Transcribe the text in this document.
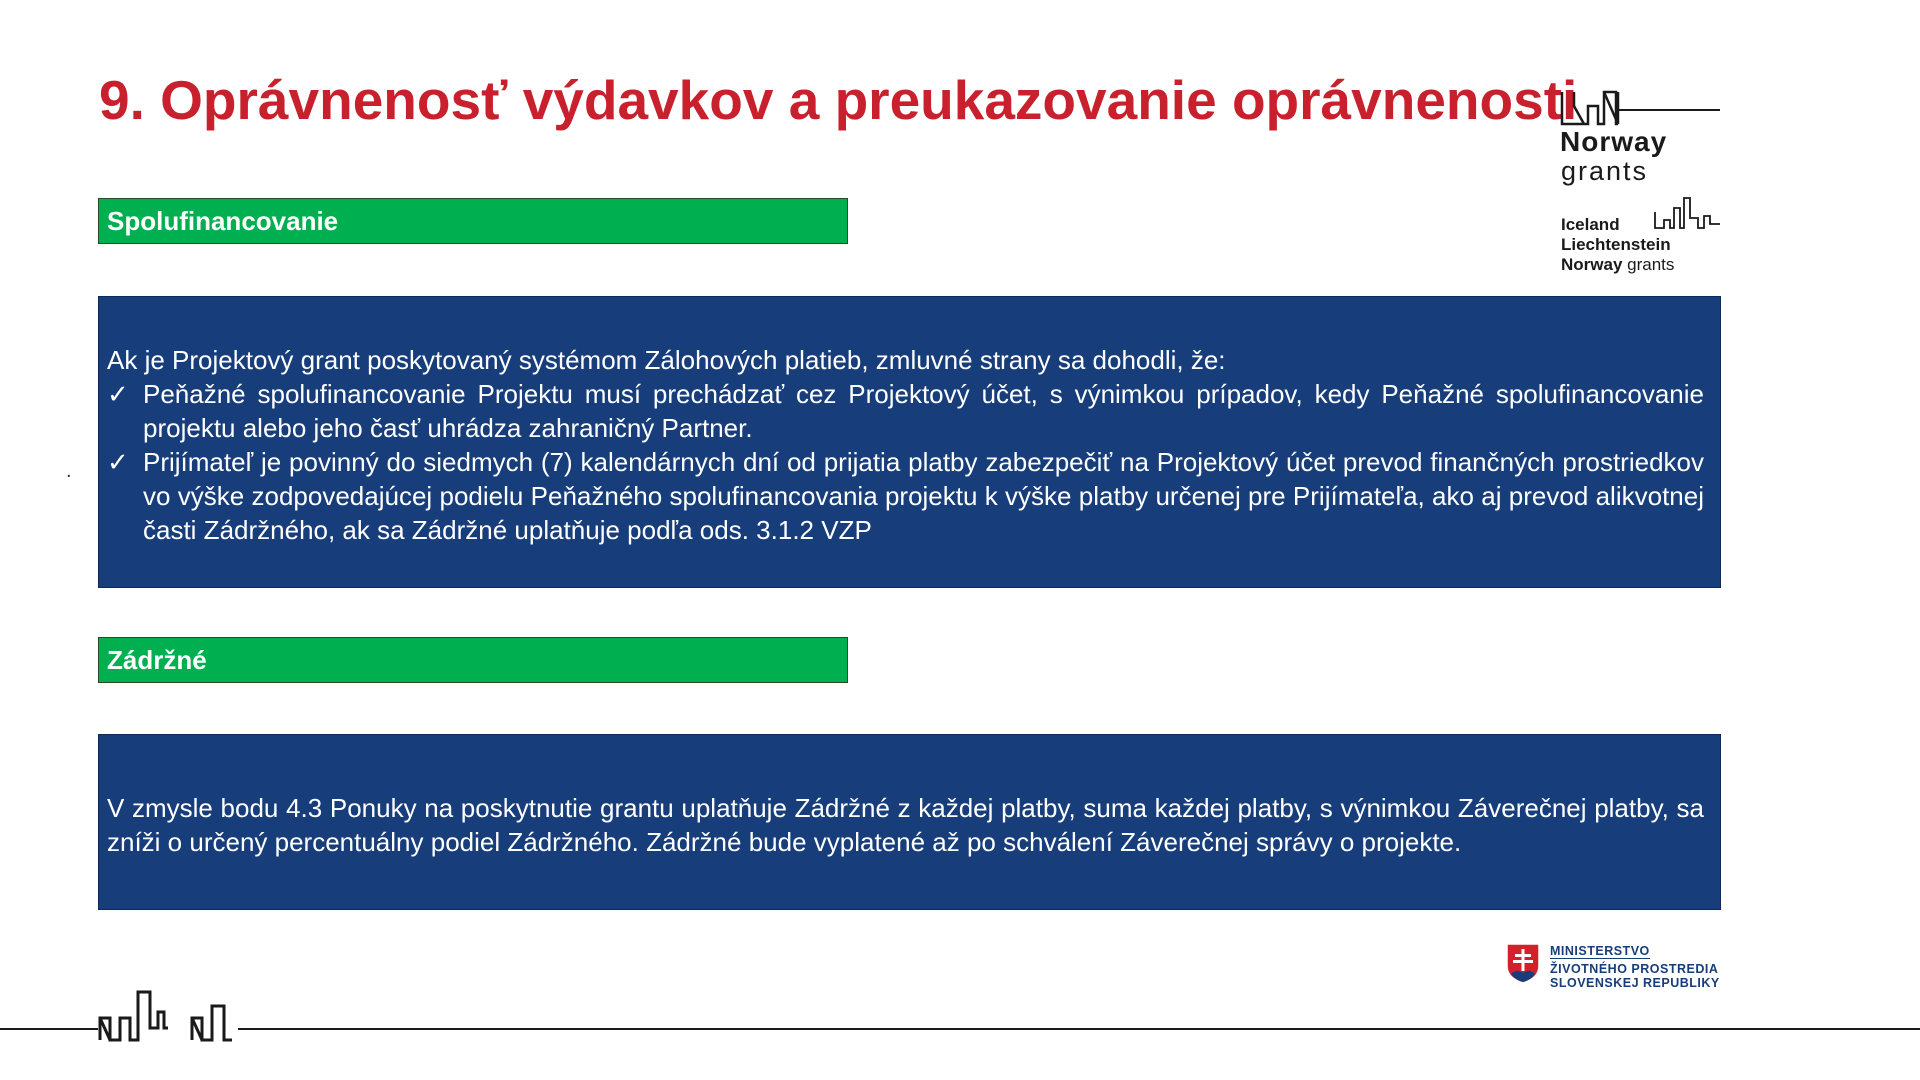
9. Oprávnenosť výdavkov a preukazovanie oprávnenosti
Norway
grants
Iceland
Liechtenstein
Norway grants
Spolufinancovanie
Ak je Projektový grant poskytovaný systémom Zálohových platieb, zmluvné strany sa dohodli, že:
✓ Peňažné spolufinancovanie Projektu musí prechádzať cez Projektový účet, s výnimkou prípadov, kedy Peňažné spolufinancovanie projektu alebo jeho časť uhrádza zahraničný Partner.
✓ Prijímateľ je povinný do siedmych (7) kalendárnych dní od prijatia platby zabezpečiť na Projektový účet prevod finančných prostriedkov vo výške zodpovedajúcej podielu Peňažného spolufinancovania projektu k výške platby určenej pre Prijímateľa, ako aj prevod alikvotnej časti Zádržného, ak sa Zádržné uplatňuje podľa ods. 3.1.2 VZP
.
Zádržné
V zmysle bodu 4.3 Ponuky na poskytnutie grantu uplatňuje Zádržné z každej platby, suma každej platby, s výnimkou Záverečnej platby, sa zníži o určený percentuálny podiel Zádržného. Zádržné bude vyplatené až po schválení Záverečnej správy o projekte.
MINISTERSTVO
ŽIVOTNÉHO PROSTREDIA
SLOVENSKEJ REPUBLIKY
